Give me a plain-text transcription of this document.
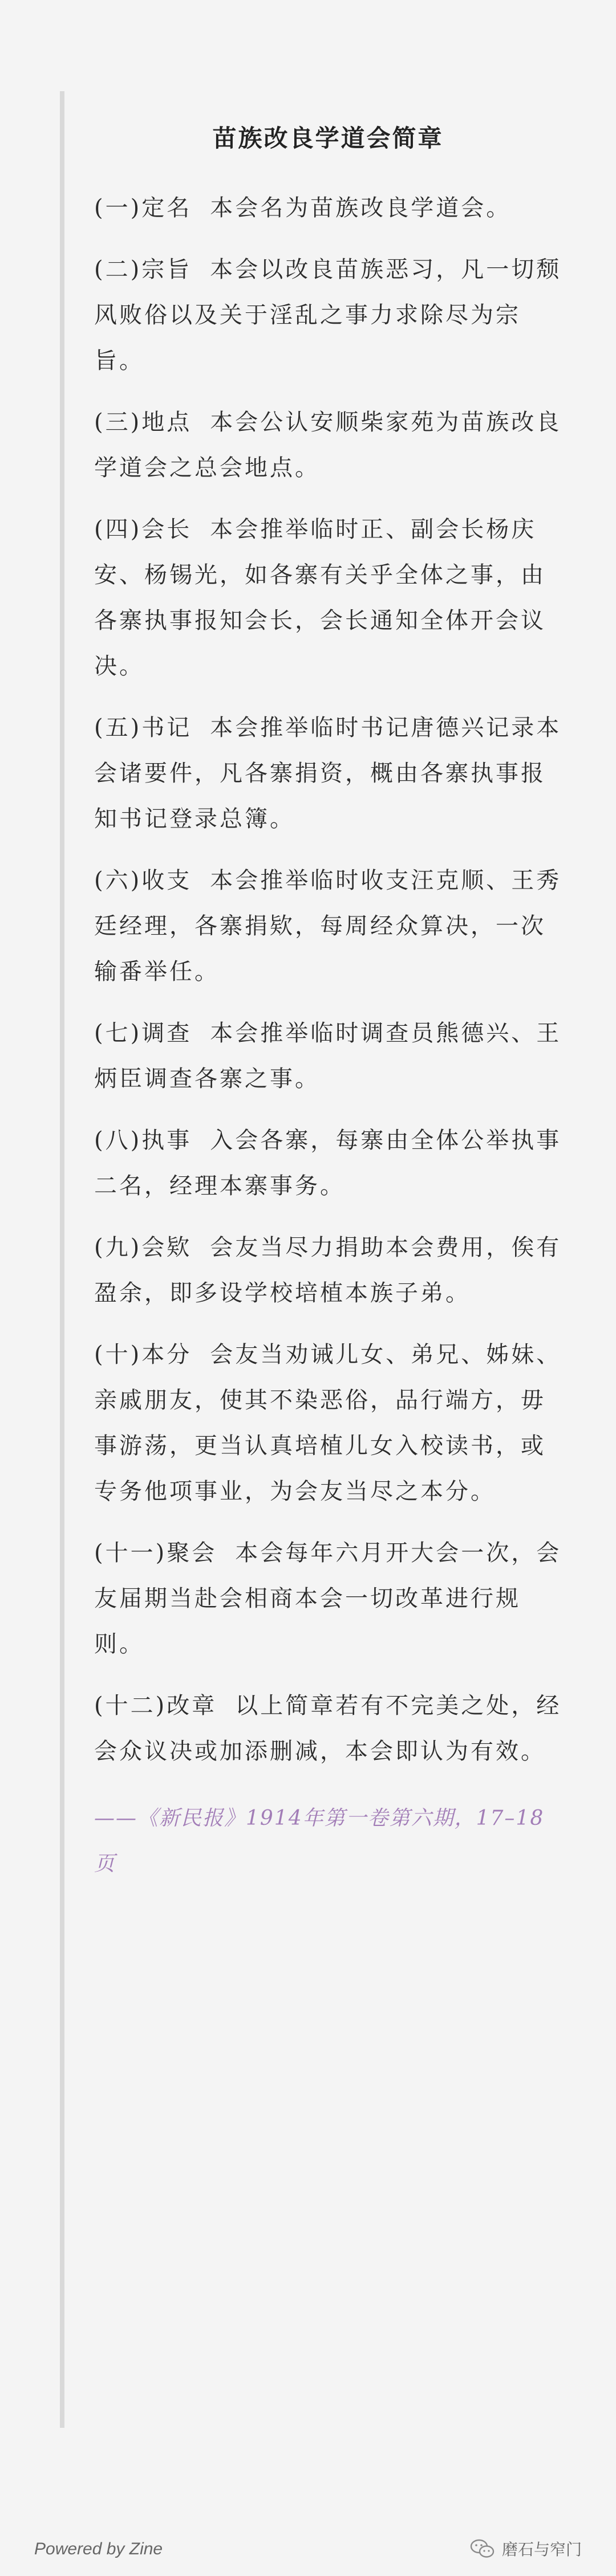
苗族改良学道会简章

(一)定名 本会名为苗族改良学道会。

(二)宗旨 本会以改良苗族恶习，凡一切颓风败俗以及关于淫乱之事力求除尽为宗旨。

(三)地点 本会公认安顺柴家苑为苗族改良学道会之总会地点。

(四)会长 本会推举临时正、副会长杨庆安、杨锡光，如各寨有关乎全体之事，由各寨执事报知会长，会长通知全体开会议决。

(五)书记 本会推举临时书记唐德兴记录本会诸要件，凡各寨捐资，概由各寨执事报知书记登录总簿。

(六)收支 本会推举临时收支汪克顺、王秀廷经理，各寨捐欵，每周经众算决，一次输番举任。

(七)调查 本会推举临时调查员熊德兴、王炳臣调查各寨之事。

(八)执事 入会各寨，每寨由全体公举执事二名，经理本寨事务。

(九)会欵 会友当尽力捐助本会费用，俟有盈余，即多设学校培植本族子弟。

(十)本分 会友当劝诫儿女、弟兄、姊妹、亲戚朋友，使其不染恶俗，品行端方，毋事游荡，更当认真培植儿女入校读书，或专务他项事业，为会友当尽之本分。

(十一)聚会 本会每年六月开大会一次，会友届期当赴会相商本会一切改革进行规则。

(十二)改章 以上简章若有不完美之处，经会众议决或加添删减，本会即认为有效。

——《新民报》1914年第一卷第六期，17–18页
Powered by Zine	磨石与窄门
